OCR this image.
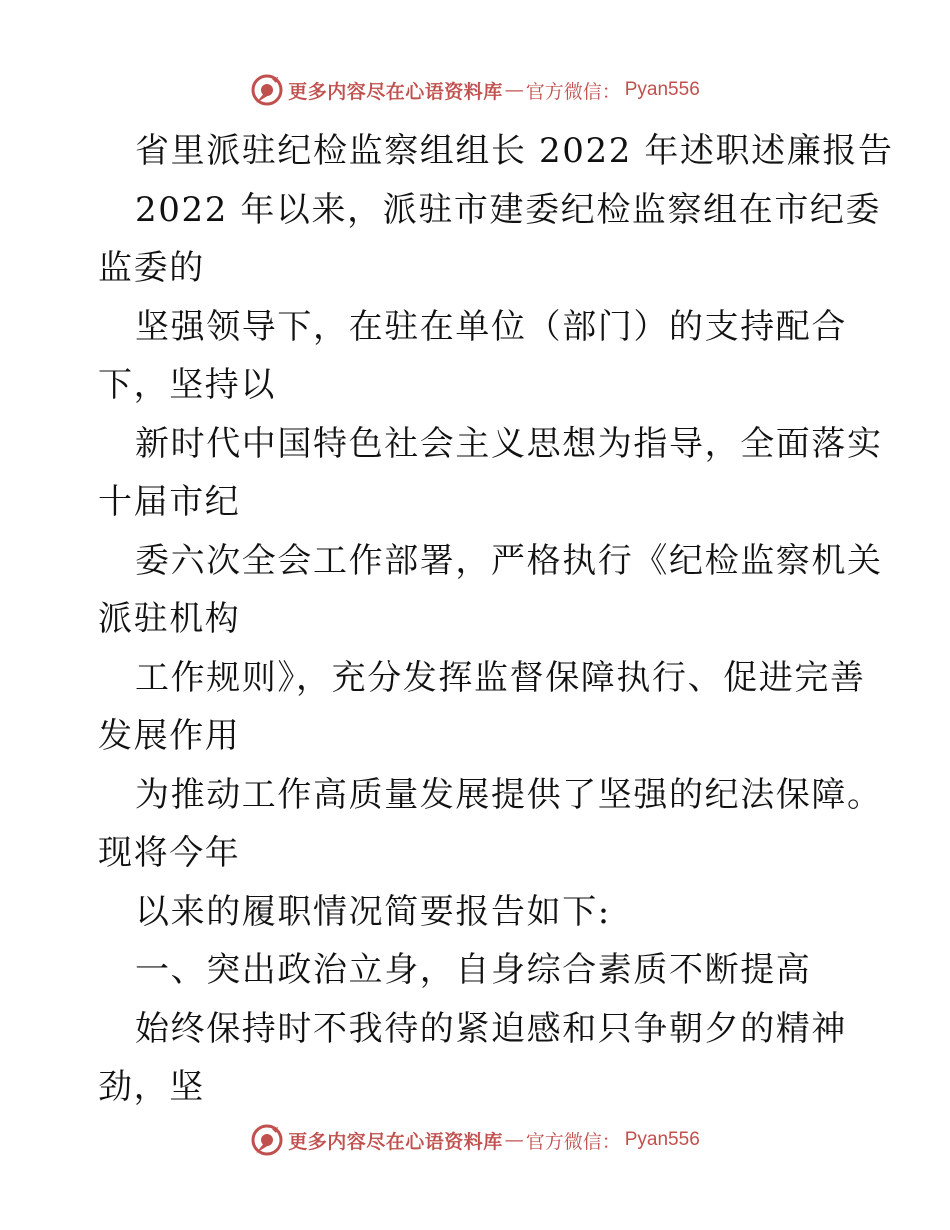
更多内容尽在心语资料库 — 官方微信： Pyan556
省里派驻纪检监察组组长 2022 年述职述廉报告
2022 年以来，派驻市建委纪检监察组在市纪委
监委的
坚强领导下，在驻在单位（部门）的支持配合
下，坚持以
新时代中国特色社会主义思想为指导，全面落实
十届市纪
委六次全会工作部署，严格执行《纪检监察机关
派驻机构
工作规则》，充分发挥监督保障执行、促进完善
发展作用
为推动工作高质量发展提供了坚强的纪法保障。
现将今年
以来的履职情况简要报告如下:
一、突出政治立身，自身综合素质不断提高
始终保持时不我待的紧迫感和只争朝夕的精神
劲，坚
更多内容尽在心语资料库 — 官方微信： Pyan556
